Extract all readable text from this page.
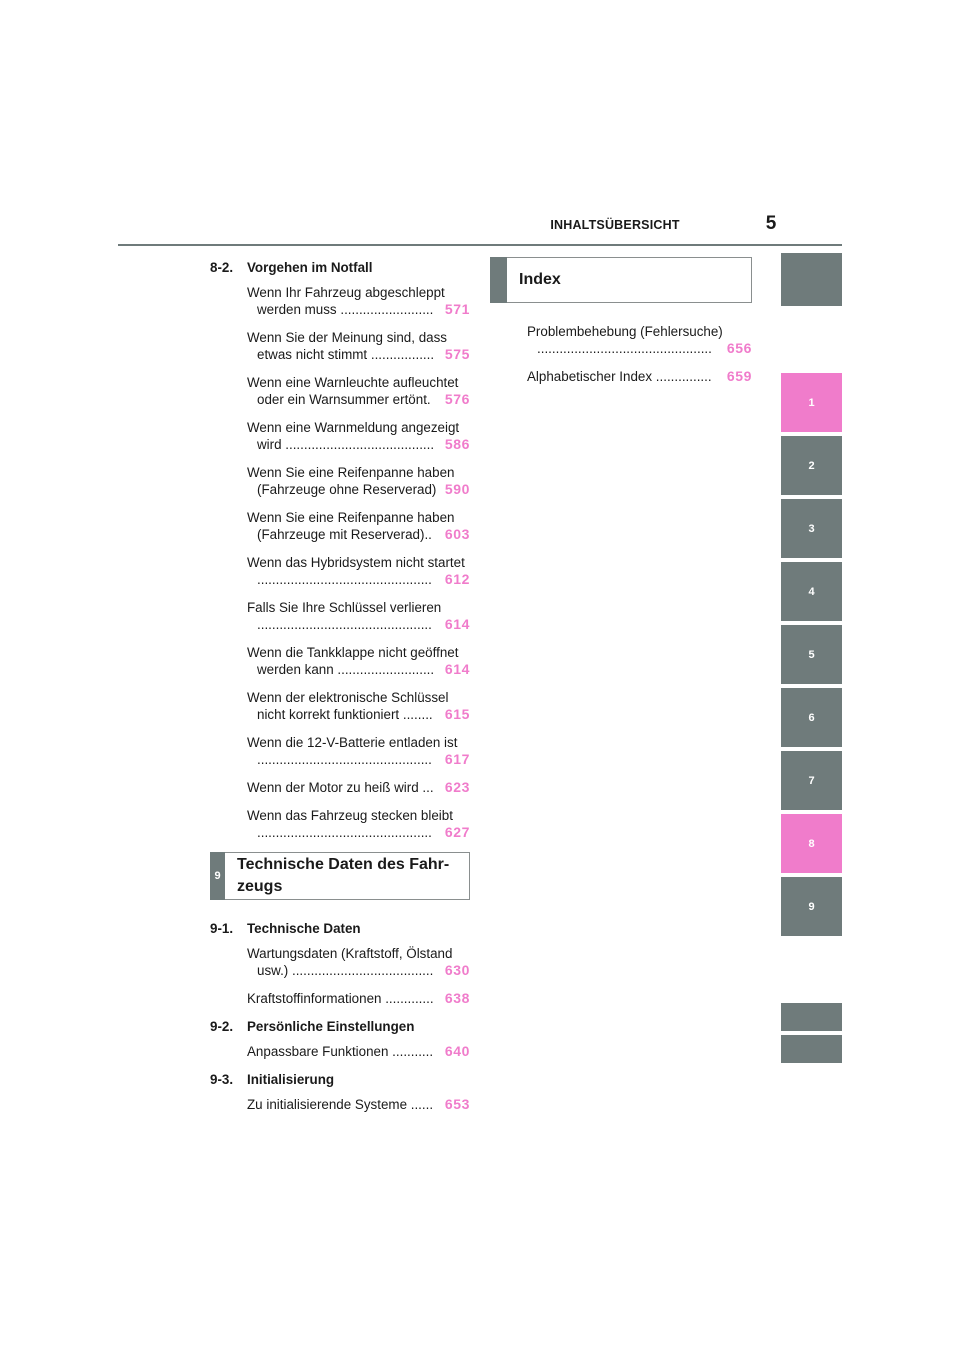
INHALTSÜBERSICHT	5
8-2. Vorgehen im Notfall
Wenn Ihr Fahrzeug abgeschleppt
werden muss ......................... 571
Wenn Sie der Meinung sind, dass
etwas nicht stimmt ................. 575
Wenn eine Warnleuchte aufleuchtet
oder ein Warnsummer ertönt. 576
Wenn eine Warnmeldung angezeigt
wird ........................................ 586
Wenn Sie eine Reifenpanne haben
(Fahrzeuge ohne Reserverad) 590
Wenn Sie eine Reifenpanne haben
(Fahrzeuge mit Reserverad).. 603
Wenn das Hybridsystem nicht startet
............................................... 612
Falls Sie Ihre Schlüssel verlieren
............................................... 614
Wenn die Tankklappe nicht geöffnet
werden kann .......................... 614
Wenn der elektronische Schlüssel
nicht korrekt funktioniert ........ 615
Wenn die 12-V-Batterie entladen ist
............................................... 617
Wenn der Motor zu heiß wird ... 623
Wenn das Fahrzeug stecken bleibt
............................................... 627
9
Technische Daten des Fahr-
zeugs
9-1. Technische Daten
Wartungsdaten (Kraftstoff, Ölstand
usw.) ...................................... 630
Kraftstoffinformationen ............. 638
9-2. Persönliche Einstellungen
Anpassbare Funktionen ........... 640
9-3. Initialisierung
Zu initialisierende Systeme ...... 653
Index
Problembehebung (Fehlersuche)
............................................... 656
Alphabetischer Index ............... 659
1
2
3
4
5
6
7
8
9
